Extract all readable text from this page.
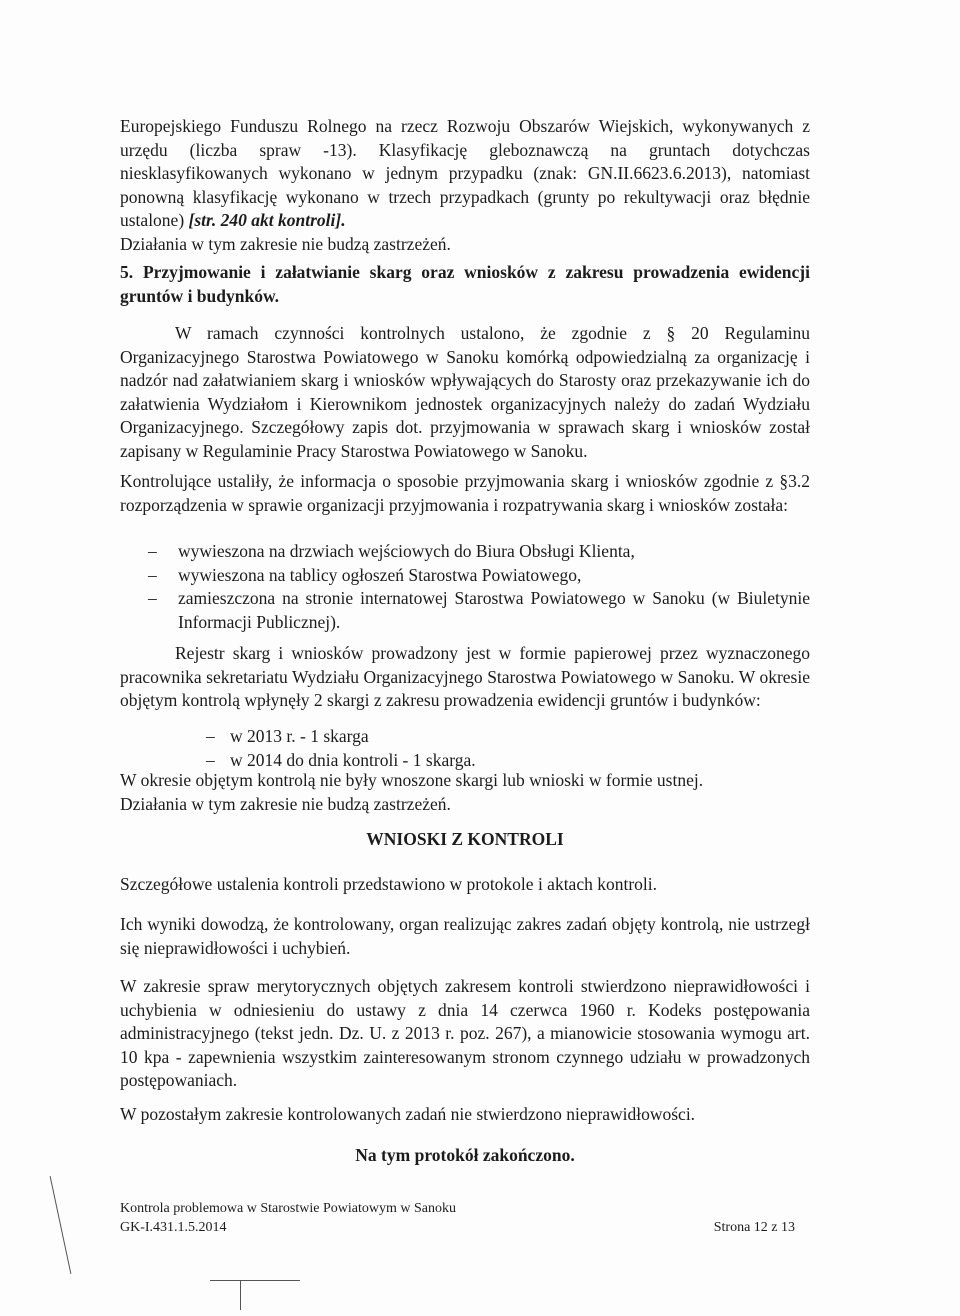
Europejskiego Funduszu Rolnego na rzecz Rozwoju Obszarów Wiejskich, wykonywanych z urzędu (liczba spraw -13). Klasyfikację gleboznawczą na gruntach dotychczas niesklasyfikowanych wykonano w jednym przypadku (znak: GN.II.6623.6.2013), natomiast ponowną klasyfikację wykonano w trzech przypadkach (grunty po rekultywacji oraz błędnie ustalone) [str. 240 akt kontroli].
Działania w tym zakresie nie budzą zastrzeżeń.
5. Przyjmowanie i załatwianie skarg oraz wniosków z zakresu prowadzenia ewidencji gruntów i budynków.
W ramach czynności kontrolnych ustalono, że zgodnie z § 20 Regulaminu Organizacyjnego Starostwa Powiatowego w Sanoku komórką odpowiedzialną za organizację i nadzór nad załatwianiem skarg i wniosków wpływających do Starosty oraz przekazywanie ich do załatwienia Wydziałom i Kierownikom jednostek organizacyjnych należy do zadań Wydziału Organizacyjnego. Szczegółowy zapis dot. przyjmowania w sprawach skarg i wniosków został zapisany w Regulaminie Pracy Starostwa Powiatowego w Sanoku.
Kontrolujące ustaliły, że informacja o sposobie przyjmowania skarg i wniosków zgodnie z §3.2 rozporządzenia w sprawie organizacji przyjmowania i rozpatrywania skarg i wniosków została:
– wywieszona na drzwiach wejściowych do Biura Obsługi Klienta,
– wywieszona na tablicy ogłoszeń Starostwa Powiatowego,
– zamieszczona na stronie internatowej Starostwa Powiatowego w Sanoku (w Biuletynie Informacji Publicznej).
Rejestr skarg i wniosków prowadzony jest w formie papierowej przez wyznaczonego pracownika sekretariatu Wydziału Organizacyjnego Starostwa Powiatowego w Sanoku. W okresie objętym kontrolą wpłynęły 2 skargi z zakresu prowadzenia ewidencji gruntów i budynków:
– w 2013 r. - 1 skarga
– w 2014 do dnia kontroli - 1 skarga.
W okresie objętym kontrolą nie były wnoszone skargi lub wnioski w formie ustnej.
Działania w tym zakresie nie budzą zastrzeżeń.
WNIOSKI Z KONTROLI
Szczegółowe ustalenia kontroli przedstawiono w protokole i aktach kontroli.
Ich wyniki dowodzą, że kontrolowany, organ realizując zakres zadań objęty kontrolą, nie ustrzegł się nieprawidłowości i uchybień.
W zakresie spraw merytorycznych objętych zakresem kontroli stwierdzono nieprawidłowości i uchybienia w odniesieniu do ustawy z dnia 14 czerwca 1960 r. Kodeks postępowania administracyjnego (tekst jedn. Dz. U. z 2013 r. poz. 267), a mianowicie stosowania wymogu art. 10 kpa - zapewnienia wszystkim zainteresowanym stronom czynnego udziału w prowadzonych postępowaniach.
W pozostałym zakresie kontrolowanych zadań nie stwierdzono nieprawidłowości.
Na tym protokół zakończono.
Kontrola problemowa w Starostwie Powiatowym w Sanoku
GK-I.431.1.5.2014	Strona 12 z 13
